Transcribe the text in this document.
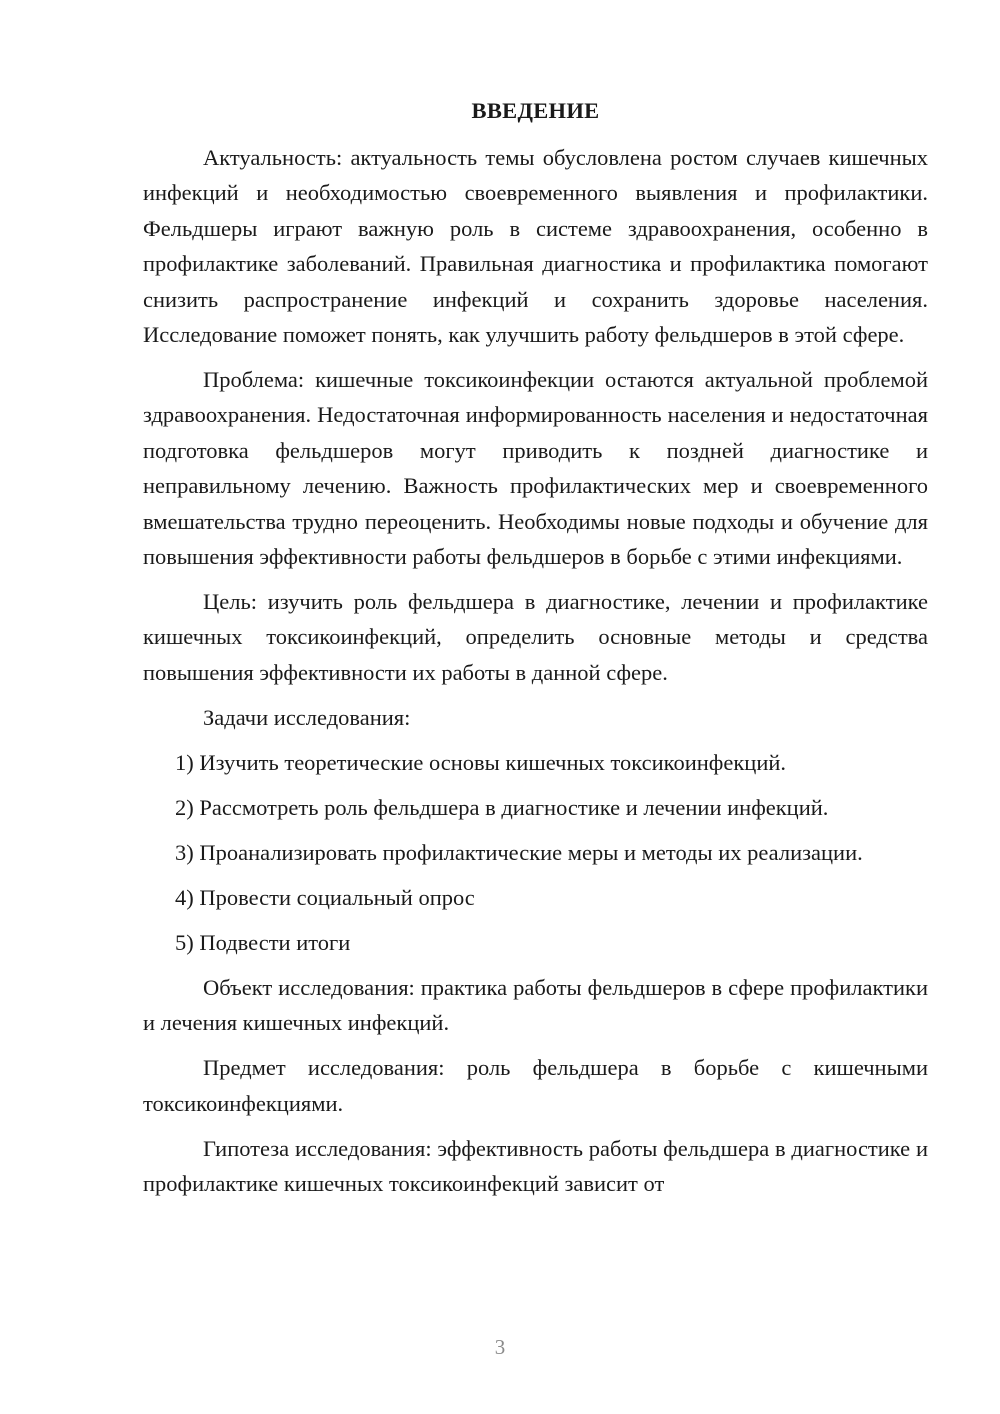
ВВЕДЕНИЕ

Актуальность: актуальность темы обусловлена ростом случаев кишечных инфекций и необходимостью своевременного выявления и профилактики. Фельдшеры играют важную роль в системе здравоохранения, особенно в профилактике заболеваний. Правильная диагностика и профилактика помогают снизить распространение инфекций и сохранить здоровье населения. Исследование поможет понять, как улучшить работу фельдшеров в этой сфере.

Проблема: кишечные токсикоинфекции остаются актуальной проблемой здравоохранения. Недостаточная информированность населения и недостаточная подготовка фельдшеров могут приводить к поздней диагностике и неправильному лечению. Важность профилактических мер и своевременного вмешательства трудно переоценить. Необходимы новые подходы и обучение для повышения эффективности работы фельдшеров в борьбе с этими инфекциями.

Цель: изучить роль фельдшера в диагностике, лечении и профилактике кишечных токсикоинфекций, определить основные методы и средства повышения эффективности их работы в данной сфере.

Задачи исследования:

1) Изучить теоретические основы кишечных токсикоинфекций.

2) Рассмотреть роль фельдшера в диагностике и лечении инфекций.

3) Проанализировать профилактические меры и методы их реализации.

4) Провести социальный опрос

5) Подвести итоги

Объект исследования: практика работы фельдшеров в сфере профилактики и лечения кишечных инфекций.

Предмет исследования: роль фельдшера в борьбе с кишечными токсикоинфекциями.

Гипотеза исследования: эффективность работы фельдшера в диагностике и профилактике кишечных токсикоинфекций зависит от

3
